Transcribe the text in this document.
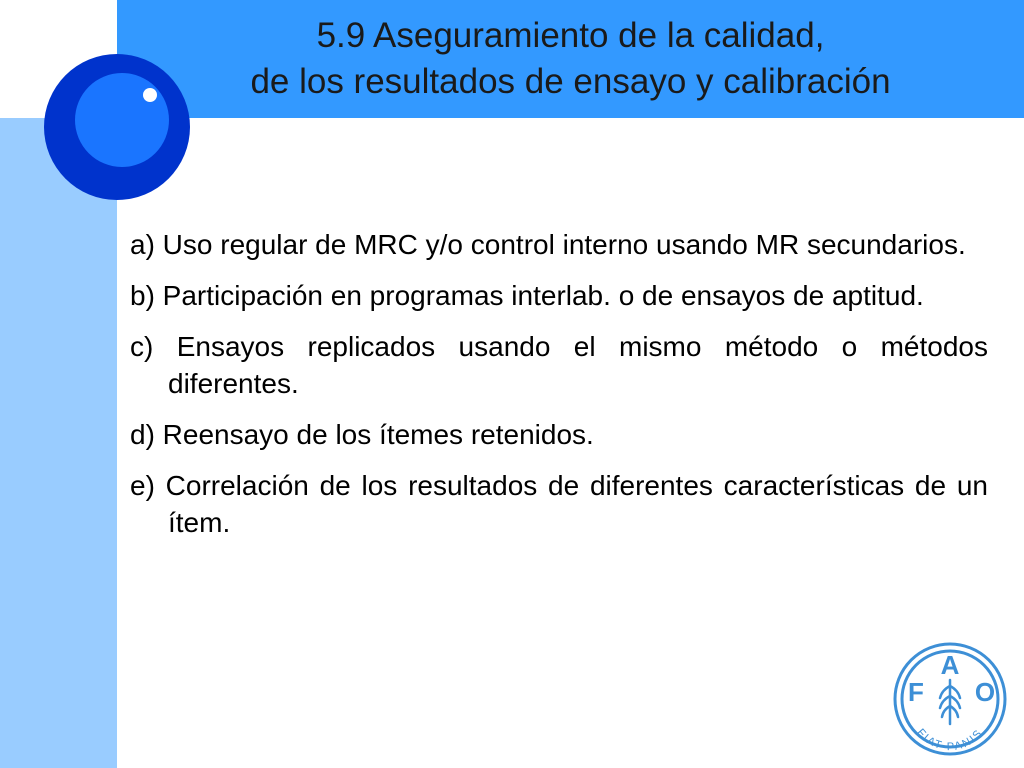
5.9 Aseguramiento de la calidad,
de los resultados de ensayo y calibración
a) Uso regular de MRC y/o control interno usando MR secundarios.
b) Participación en programas interlab. o de ensayos de aptitud.
c) Ensayos replicados usando el mismo método o métodos diferentes.
d) Reensayo de los ítemes retenidos.
e) Correlación de los resultados de diferentes características de un ítem.
F
A
O
FIAT PANIS
